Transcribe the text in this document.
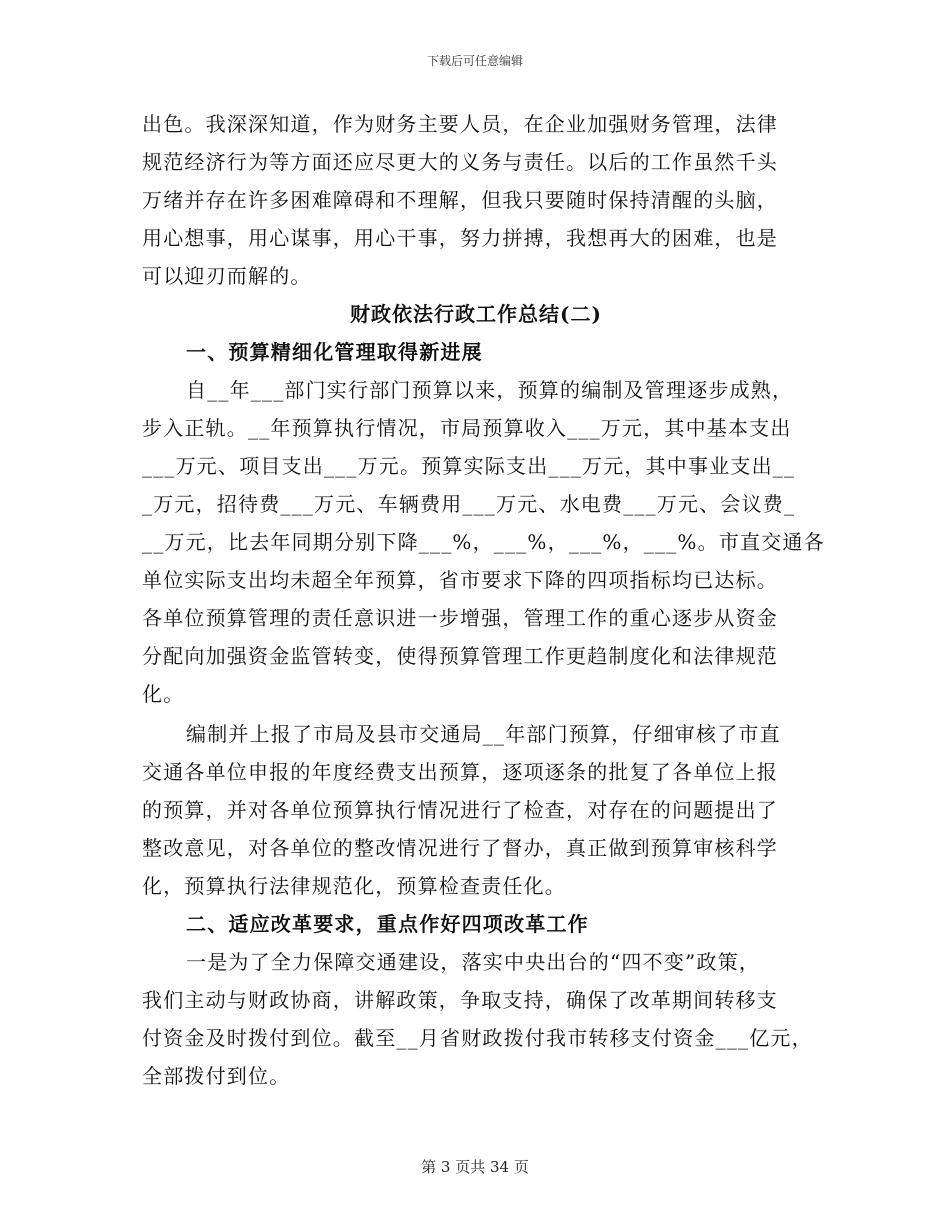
下载后可任意编辑
出色。我深深知道，作为财务主要人员，在企业加强财务管理，法律
规范经济行为等方面还应尽更大的义务与责任。以后的工作虽然千头
万绪并存在许多困难障碍和不理解，但我只要随时保持清醒的头脑，
用心想事，用心谋事，用心干事，努力拼搏，我想再大的困难，也是
可以迎刃而解的。
财政依法行政工作总结(二)
一、预算精细化管理取得新进展
自__年___部门实行部门预算以来，预算的编制及管理逐步成熟，
步入正轨。__年预算执行情况，市局预算收入___万元，其中基本支出
___万元、项目支出___万元。预算实际支出___万元，其中事业支出__
_万元，招待费___万元、车辆费用___万元、水电费___万元、会议费_
__万元，比去年同期分别下降___%，___%，___%，___%。市直交通各
单位实际支出均未超全年预算，省市要求下降的四项指标均已达标。
各单位预算管理的责任意识进一步增强，管理工作的重心逐步从资金
分配向加强资金监管转变，使得预算管理工作更趋制度化和法律规范
化。
编制并上报了市局及县市交通局__年部门预算，仔细审核了市直
交通各单位申报的年度经费支出预算，逐项逐条的批复了各单位上报
的预算，并对各单位预算执行情况进行了检查，对存在的问题提出了
整改意见，对各单位的整改情况进行了督办，真正做到预算审核科学
化，预算执行法律规范化，预算检查责任化。
二、适应改革要求，重点作好四项改革工作
一是为了全力保障交通建设，落实中央出台的“四不变”政策，
我们主动与财政协商，讲解政策，争取支持，确保了改革期间转移支
付资金及时拨付到位。截至__月省财政拨付我市转移支付资金___亿元，
全部拨付到位。
第 3 页共 34 页
